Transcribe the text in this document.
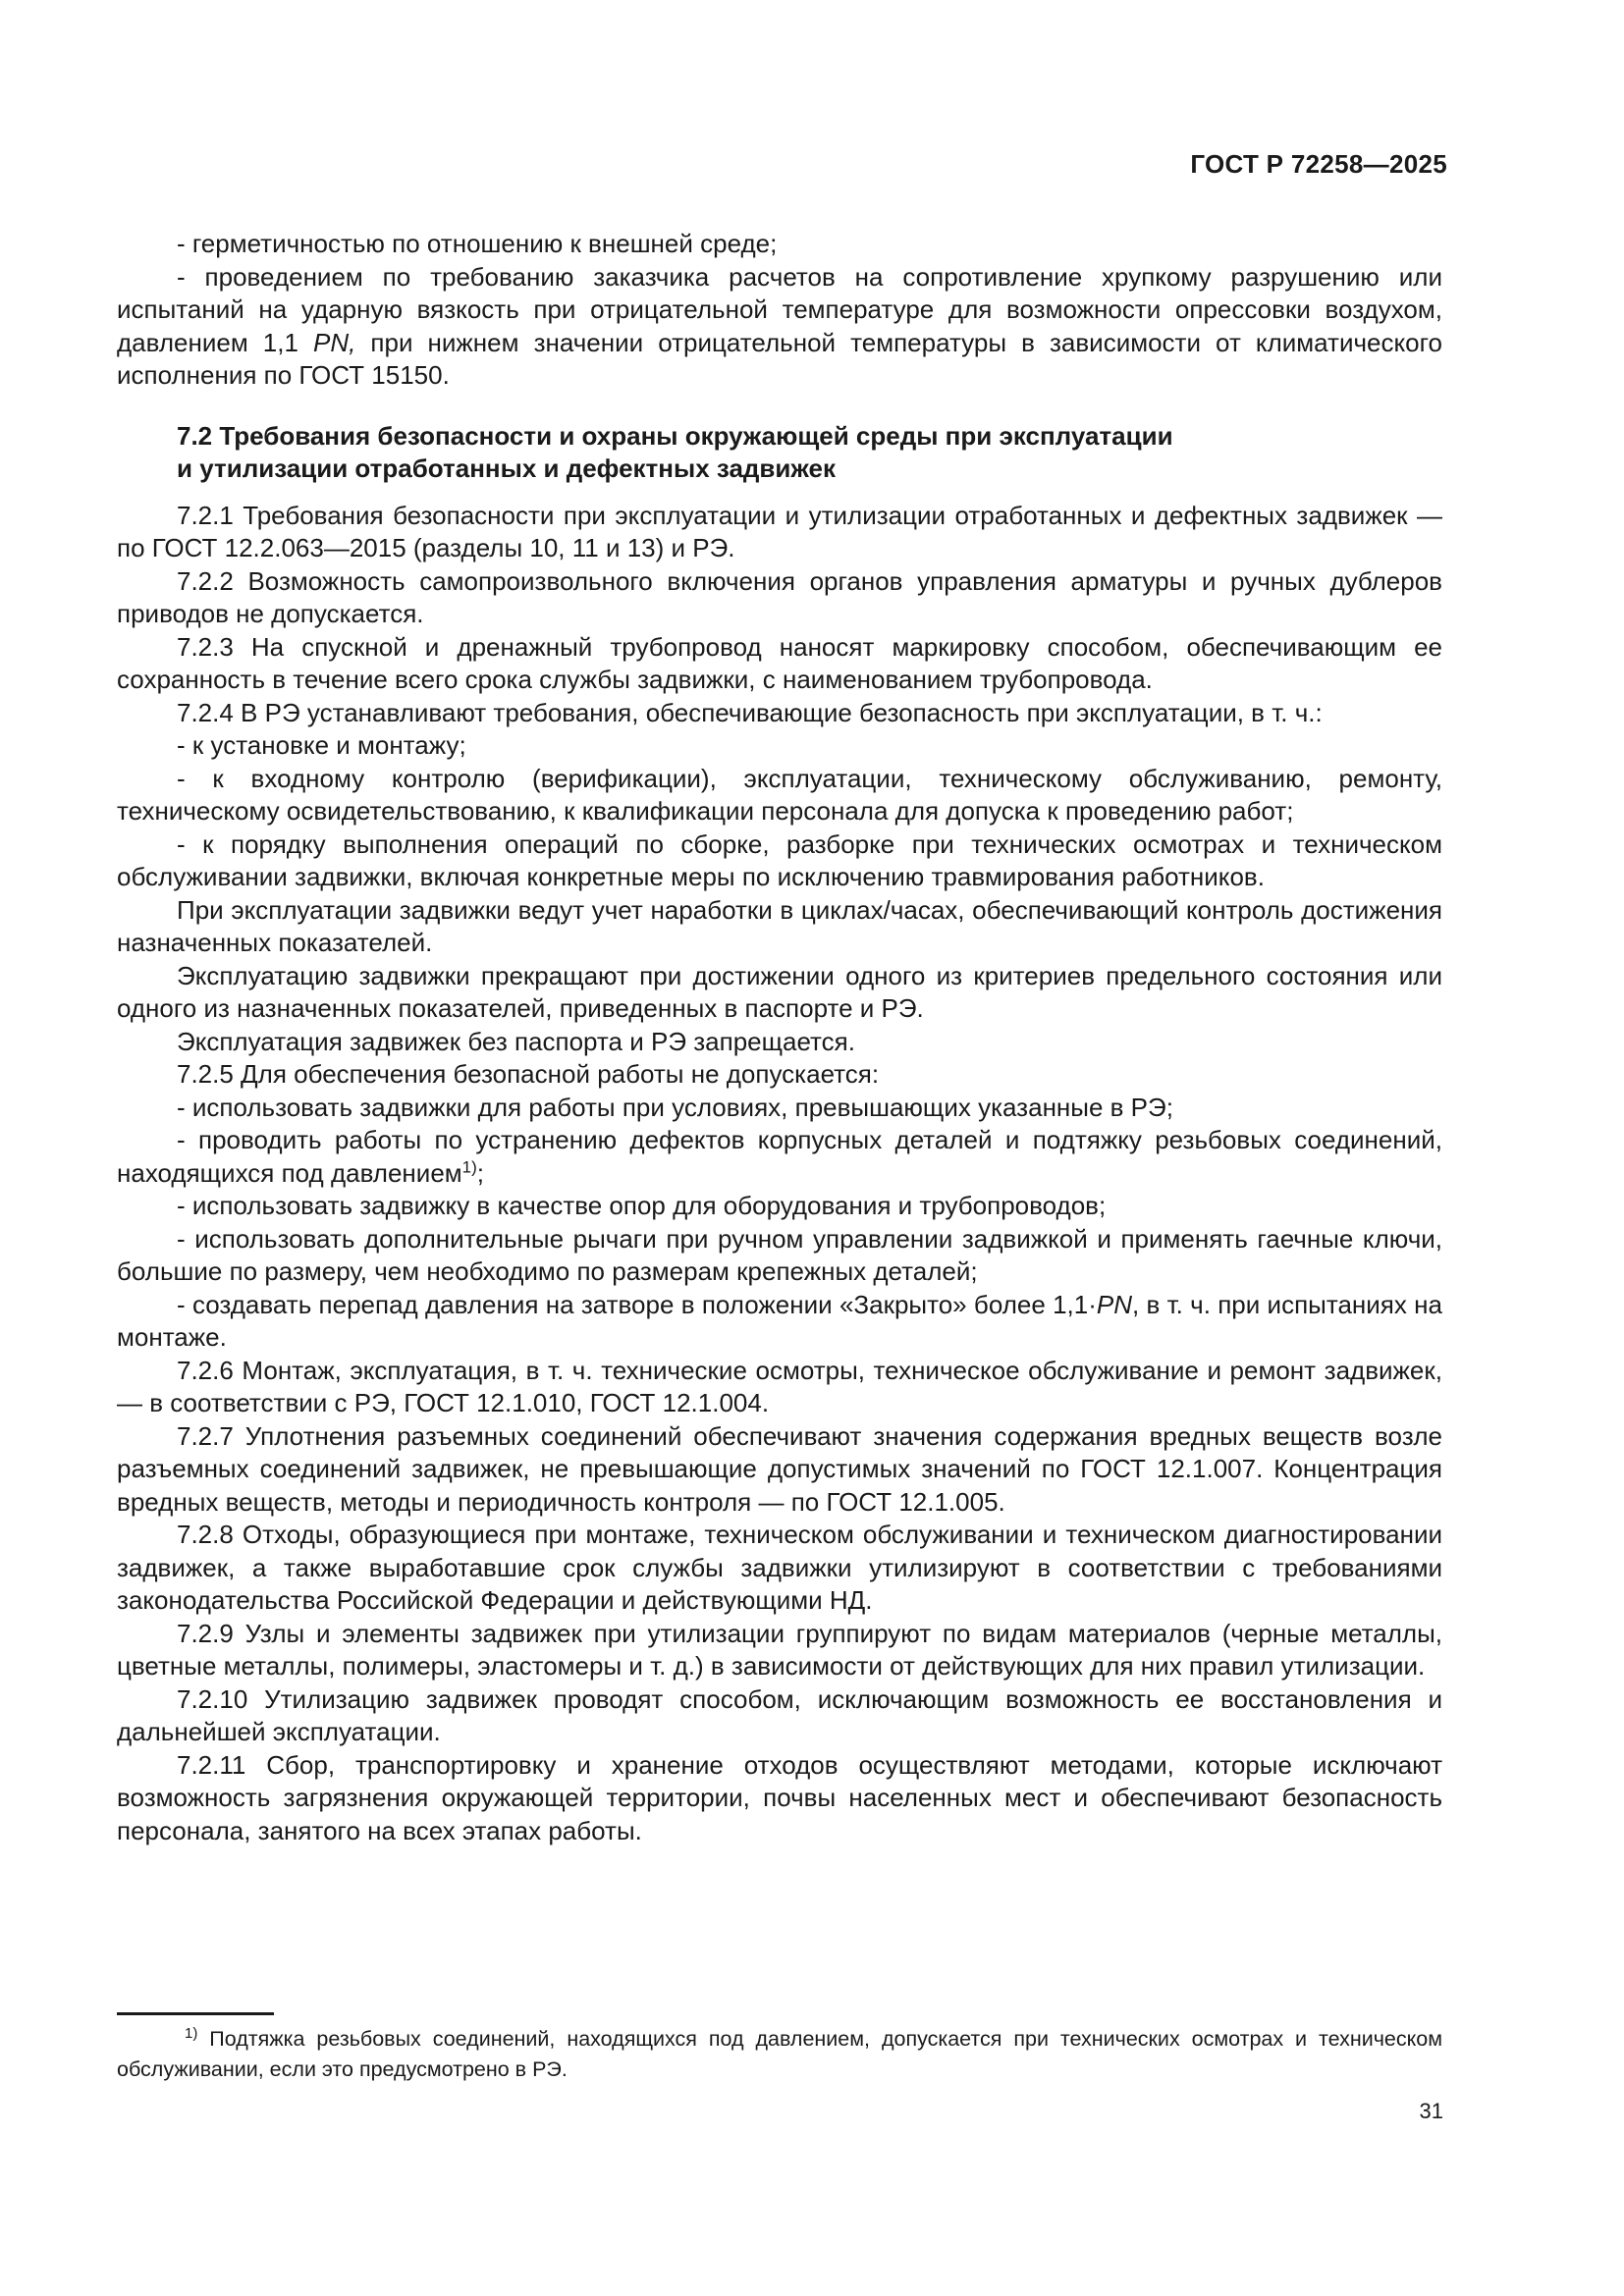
ГОСТ Р 72258—2025

- герметичностью по отношению к внешней среде;

- проведением по требованию заказчика расчетов на сопротивление хрупкому разрушению или испытаний на ударную вязкость при отрицательной температуре для возможности опрессовки воздухом, давлением 1,1 PN, при нижнем значении отрицательной температуры в зависимости от климатического исполнения по ГОСТ 15150.

7.2 Требования безопасности и охраны окружающей среды при эксплуатации
и утилизации отработанных и дефектных задвижек

7.2.1 Требования безопасности при эксплуатации и утилизации отработанных и дефектных задвижек — по ГОСТ 12.2.063—2015 (разделы 10, 11 и 13) и РЭ.

7.2.2 Возможность самопроизвольного включения органов управления арматуры и ручных дублеров приводов не допускается.

7.2.3 На спускной и дренажный трубопровод наносят маркировку способом, обеспечивающим ее сохранность в течение всего срока службы задвижки, с наименованием трубопровода.

7.2.4 В РЭ устанавливают требования, обеспечивающие безопасность при эксплуатации, в т. ч.:

- к установке и монтажу;

- к входному контролю (верификации), эксплуатации, техническому обслуживанию, ремонту, техническому освидетельствованию, к квалификации персонала для допуска к проведению работ;

- к порядку выполнения операций по сборке, разборке при технических осмотрах и техническом обслуживании задвижки, включая конкретные меры по исключению травмирования работников.

При эксплуатации задвижки ведут учет наработки в циклах/часах, обеспечивающий контроль достижения назначенных показателей.

Эксплуатацию задвижки прекращают при достижении одного из критериев предельного состояния или одного из назначенных показателей, приведенных в паспорте и РЭ.

Эксплуатация задвижек без паспорта и РЭ запрещается.

7.2.5 Для обеспечения безопасной работы не допускается:

- использовать задвижки для работы при условиях, превышающих указанные в РЭ;

- проводить работы по устранению дефектов корпусных деталей и подтяжку резьбовых соединений, находящихся под давлением$^{1)}$;

- использовать задвижку в качестве опор для оборудования и трубопроводов;

- использовать дополнительные рычаги при ручном управлении задвижкой и применять гаечные ключи, большие по размеру, чем необходимо по размерам крепежных деталей;

- создавать перепад давления на затворе в положении «Закрыто» более 1,1·PN, в т. ч. при испытаниях на монтаже.

7.2.6 Монтаж, эксплуатация, в т. ч. технические осмотры, техническое обслуживание и ремонт задвижек, — в соответствии с РЭ, ГОСТ 12.1.010, ГОСТ 12.1.004.

7.2.7 Уплотнения разъемных соединений обеспечивают значения содержания вредных веществ возле разъемных соединений задвижек, не превышающие допустимых значений по ГОСТ 12.1.007. Концентрация вредных веществ, методы и периодичность контроля — по ГОСТ 12.1.005.

7.2.8 Отходы, образующиеся при монтаже, техническом обслуживании и техническом диагностировании задвижек, а также выработавшие срок службы задвижки утилизируют в соответствии с требованиями законодательства Российской Федерации и действующими НД.

7.2.9 Узлы и элементы задвижек при утилизации группируют по видам материалов (черные металлы, цветные металлы, полимеры, эластомеры и т. д.) в зависимости от действующих для них правил утилизации.

7.2.10 Утилизацию задвижек проводят способом, исключающим возможность ее восстановления и дальнейшей эксплуатации.

7.2.11 Сбор, транспортировку и хранение отходов осуществляют методами, которые исключают возможность загрязнения окружающей территории, почвы населенных мест и обеспечивают безопасность персонала, занятого на всех этапах работы.

$^{1)}$ Подтяжка резьбовых соединений, находящихся под давлением, допускается при технических осмотрах и техническом обслуживании, если это предусмотрено в РЭ.
31
